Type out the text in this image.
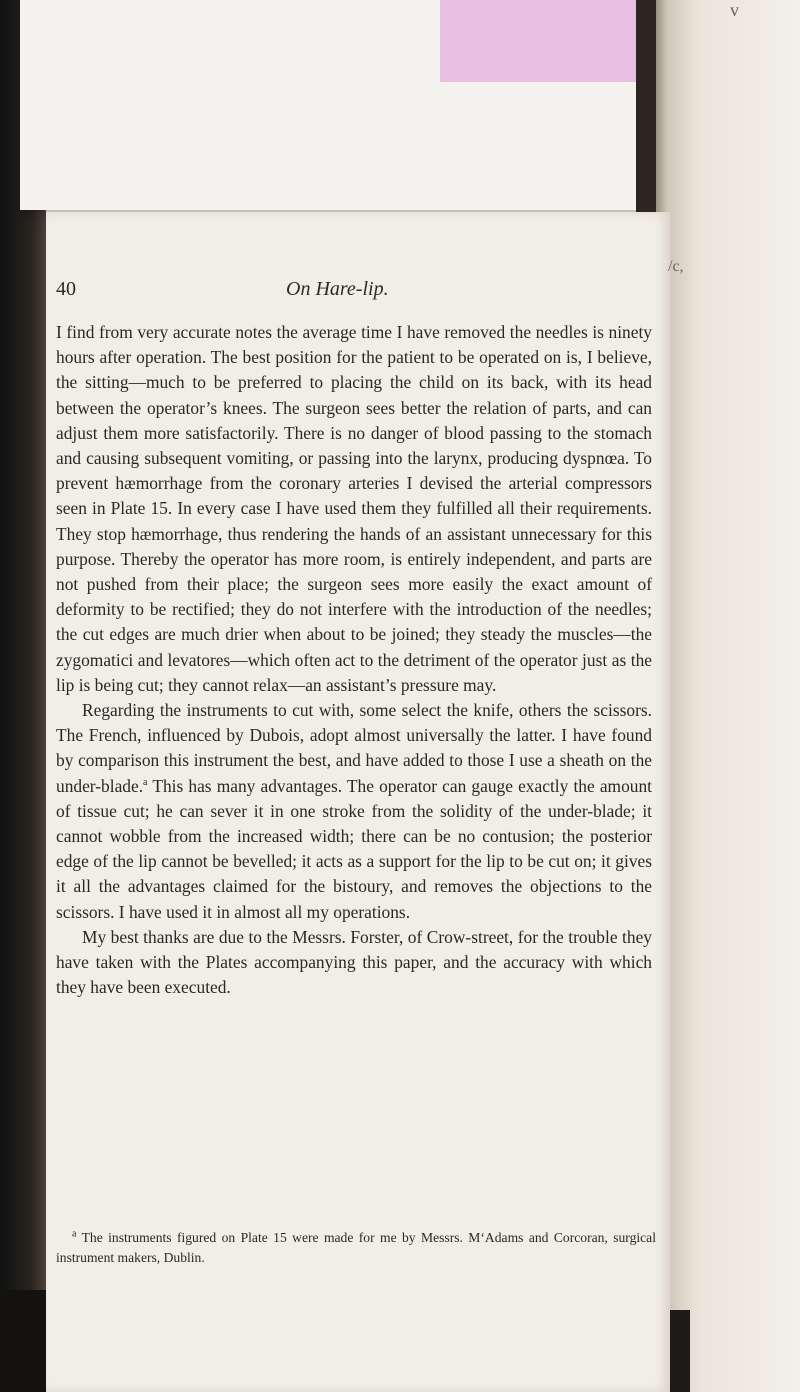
v
40	On Hare-lip.

I find from very accurate notes the average time I have removed the needles is ninety hours after operation. The best position for the patient to be operated on is, I believe, the sitting—much to be preferred to placing the child on its back, with its head between the operator’s knees. The surgeon sees better the relation of parts, and can adjust them more satisfactorily. There is no danger of blood passing to the stomach and causing subsequent vomiting, or passing into the larynx, producing dyspnœa. To prevent hæmorrhage from the coronary arteries I devised the arterial compressors seen in Plate 15. In every case I have used them they fulfilled all their requirements. They stop hæmorrhage, thus rendering the hands of an assistant unnecessary for this purpose. Thereby the operator has more room, is entirely independent, and parts are not pushed from their place; the surgeon sees more easily the exact amount of deformity to be rectified; they do not interfere with the introduction of the needles; the cut edges are much drier when about to be joined; they steady the muscles—the zygomatici and levatores—which often act to the detriment of the operator just as the lip is being cut; they cannot relax—an assistant’s pressure may.

Regarding the instruments to cut with, some select the knife, others the scissors. The French, influenced by Dubois, adopt almost universally the latter. I have found by comparison this instrument the best, and have added to those I use a sheath on the under-blade.$^a$ This has many advantages. The operator can gauge exactly the amount of tissue cut; he can sever it in one stroke from the solidity of the under-blade; it cannot wobble from the increased width; there can be no contusion; the posterior edge of the lip cannot be bevelled; it acts as a support for the lip to be cut on; it gives it all the advantages claimed for the bistoury, and removes the objections to the scissors. I have used it in almost all my operations.

My best thanks are due to the Messrs. Forster, of Crow-street, for the trouble they have taken with the Plates accompanying this paper, and the accuracy with which they have been executed.

$^a$ The instruments figured on Plate 15 were made for me by Messrs. M‘Adams and Corcoran, surgical instrument makers, Dublin.

/c,
